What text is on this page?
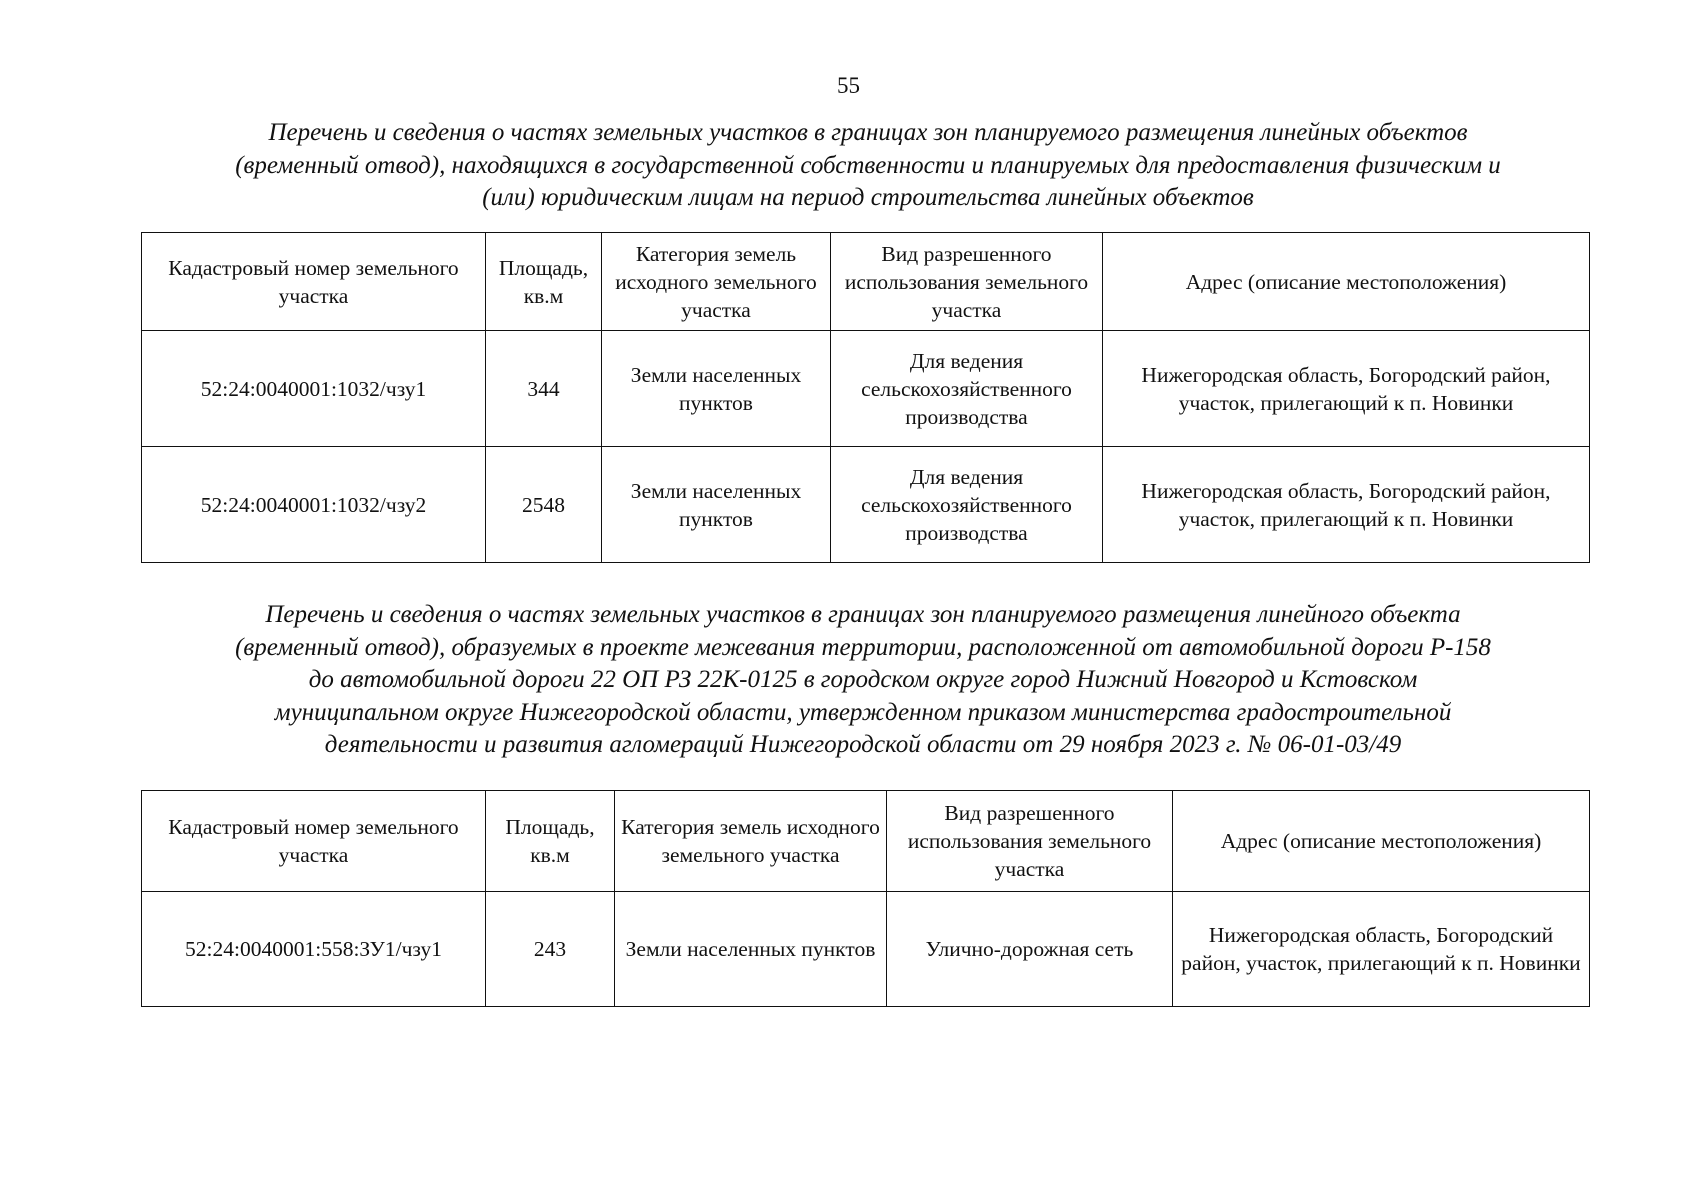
55
Перечень и сведения о частях земельных участков в границах зон планируемого размещения линейных объектов
(временный отвод), находящихся в государственной собственности и планируемых для предоставления физическим и
(или) юридическим лицам на период строительства линейных объектов
Кадастровый номер земельного участка	Площадь, кв.м	Категория земель исходного земельного участка	Вид разрешенного использования земельного участка	Адрес (описание местоположения)
52:24:0040001:1032/чзу1	344	Земли населенных пунктов	Для ведения сельскохозяйственного производства	Нижегородская область, Богородский район, участок, прилегающий к п. Новинки
52:24:0040001:1032/чзу2	2548	Земли населенных пунктов	Для ведения сельскохозяйственного производства	Нижегородская область, Богородский район, участок, прилегающий к п. Новинки
Перечень и сведения о частях земельных участков в границах зон планируемого размещения линейного объекта
(временный отвод), образуемых в проекте межевания территории, расположенной от автомобильной дороги Р-158
до автомобильной дороги 22 ОП РЗ 22К-0125 в городском округе город Нижний Новгород и Кстовском
муниципальном округе Нижегородской области, утвержденном приказом министерства градостроительной
деятельности и развития агломераций Нижегородской области от 29 ноября 2023 г. № 06-01-03/49
Кадастровый номер земельного участка	Площадь, кв.м	Категория земель исходного земельного участка	Вид разрешенного использования земельного участка	Адрес (описание местоположения)
52:24:0040001:558:ЗУ1/чзу1	243	Земли населенных пунктов	Улично-дорожная сеть	Нижегородская область, Богородский район, участок, прилегающий к п. Новинки
